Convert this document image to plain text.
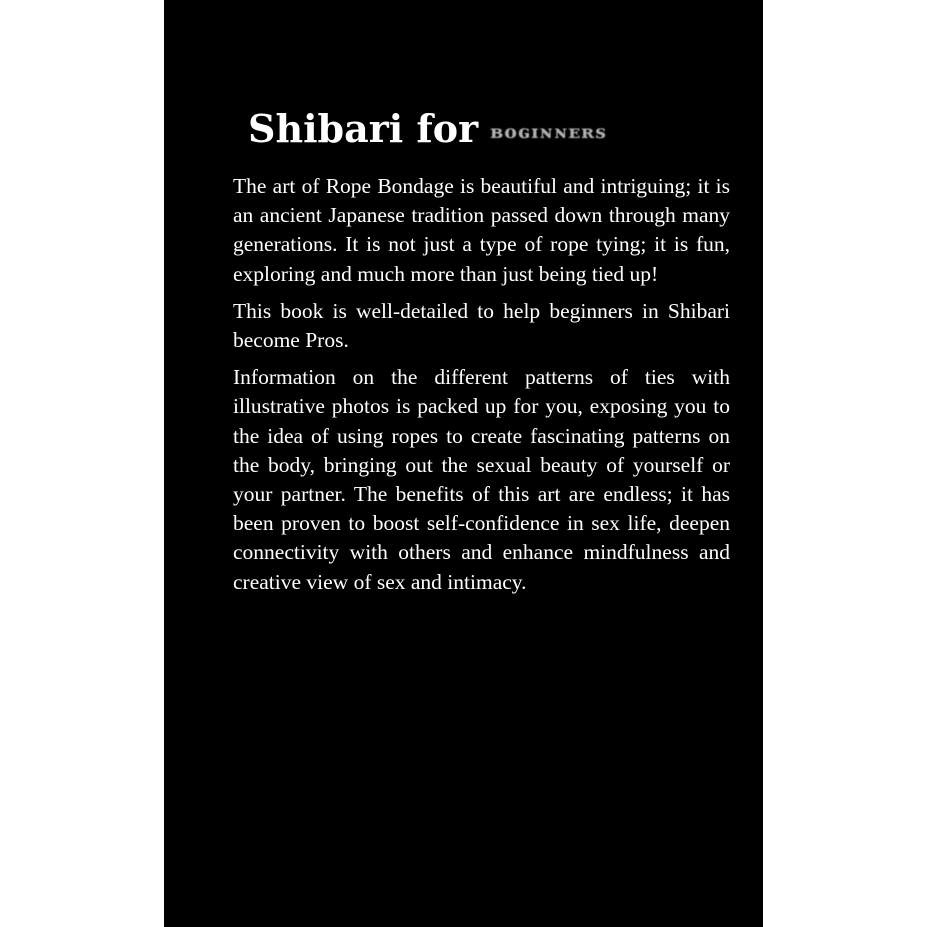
Shibari for ʙᴏɢɪɴɴᴇʀs

The art of Rope Bondage is beautiful and intriguing; it is an ancient Japanese tradition passed down through many generations. It is not just a type of rope tying; it is fun, exploring and much more than just being tied up!

This book is well-detailed to help beginners in Shibari become Pros.

Information on the different patterns of ties with illustrative photos is packed up for you, exposing you to the idea of using ropes to create fascinating patterns on the body, bringing out the sexual beauty of yourself or your partner. The benefits of this art are endless; it has been proven to boost self-confidence in sex life, deepen connectivity with others and enhance mindfulness and creative view of sex and intimacy.
